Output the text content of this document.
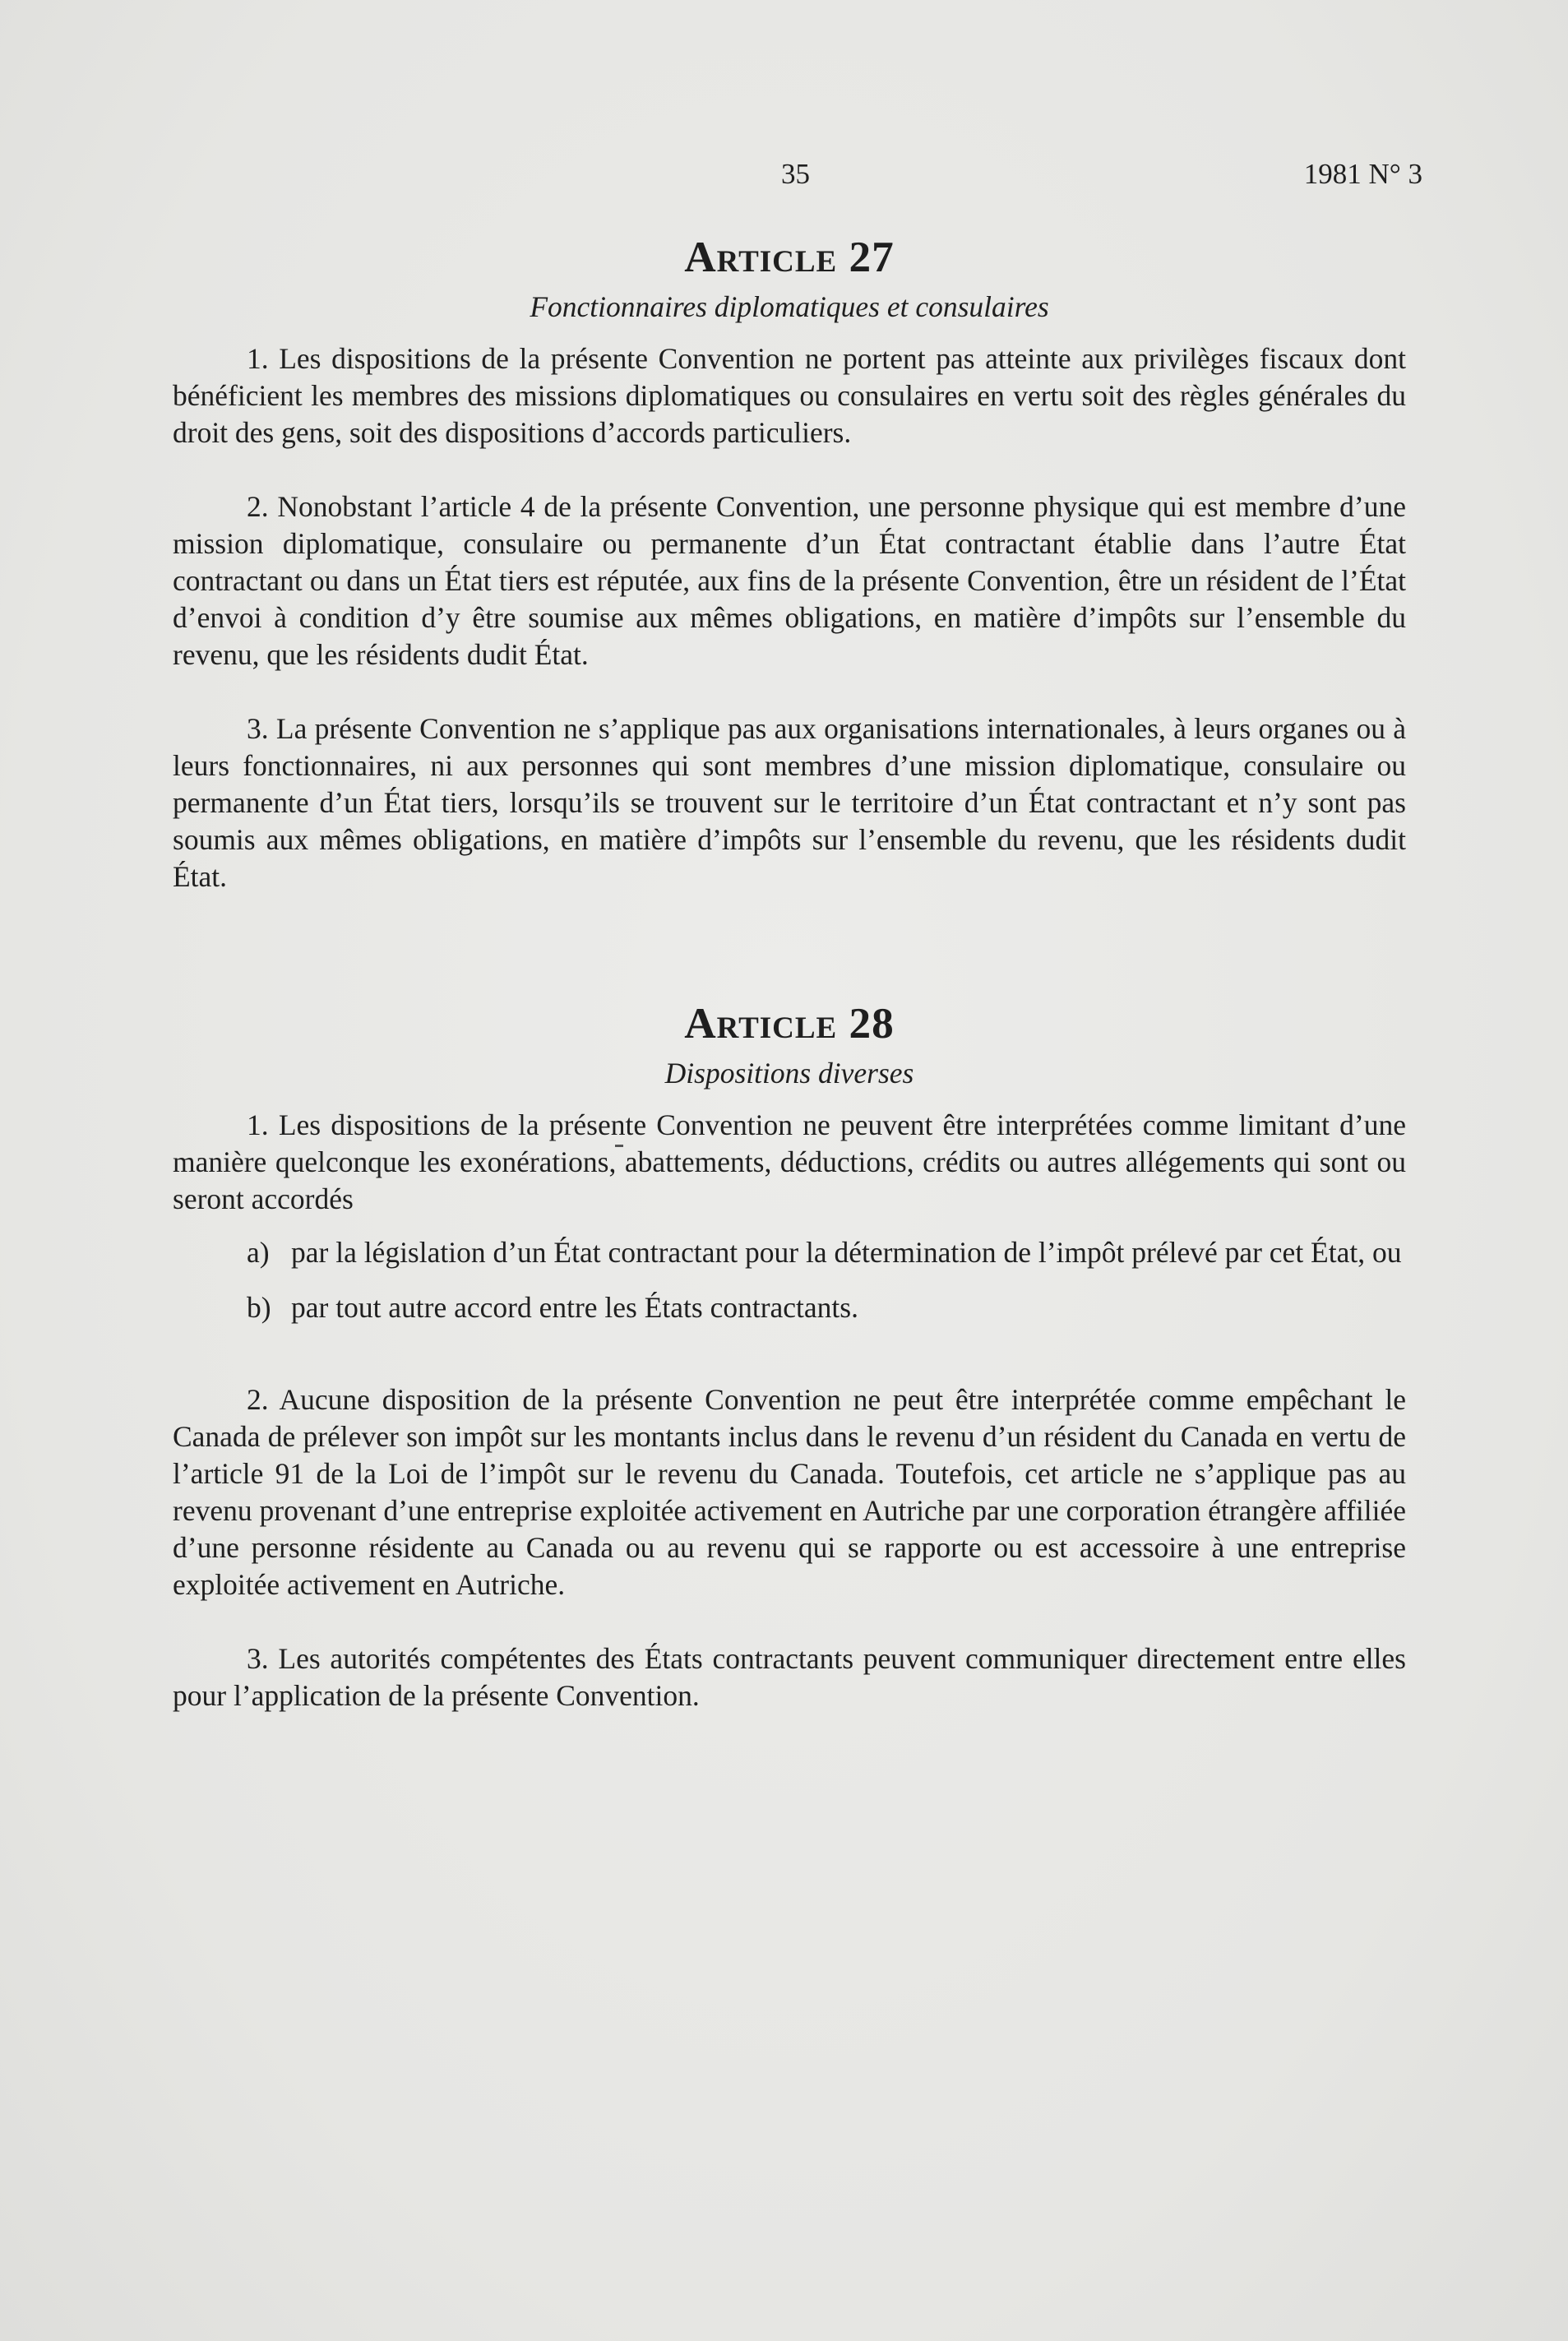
35	1981 N° 3
Article 27
Fonctionnaires diplomatiques et consulaires

1. Les dispositions de la présente Convention ne portent pas atteinte aux privilèges fiscaux dont bénéficient les membres des missions diplomatiques ou consulaires en vertu soit des règles générales du droit des gens, soit des dispositions d’accords particuliers.

2. Nonobstant l’article 4 de la présente Convention, une personne physique qui est membre d’une mission diplomatique, consulaire ou permanente d’un État contractant établie dans l’autre État contractant ou dans un État tiers est réputée, aux fins de la présente Convention, être un résident de l’État d’envoi à condition d’y être soumise aux mêmes obligations, en matière d’impôts sur l’ensemble du revenu, que les résidents dudit État.

3. La présente Convention ne s’applique pas aux organisations internationales, à leurs organes ou à leurs fonctionnaires, ni aux personnes qui sont membres d’une mission diplomatique, consulaire ou permanente d’un État tiers, lorsqu’ils se trouvent sur le territoire d’un État contractant et n’y sont pas soumis aux mêmes obligations, en matière d’impôts sur l’ensemble du revenu, que les résidents dudit État.

Article 28
Dispositions diverses

1. Les dispositions de la présente Convention ne peuvent être interprétées comme limitant d’une manière quelconque les exonérations, abattements, déductions, crédits ou autres allégements qui sont ou seront accordés

a) par la législation d’un État contractant pour la détermination de l’impôt prélevé par cet État, ou
b) par tout autre accord entre les États contractants.

2. Aucune disposition de la présente Convention ne peut être interprétée comme empêchant le Canada de prélever son impôt sur les montants inclus dans le revenu d’un résident du Canada en vertu de l’article 91 de la Loi de l’impôt sur le revenu du Canada. Toutefois, cet article ne s’applique pas au revenu provenant d’une entreprise exploitée activement en Autriche par une corporation étrangère affiliée d’une personne résidente au Canada ou au revenu qui se rapporte ou est accessoire à une entreprise exploitée activement en Autriche.

3. Les autorités compétentes des États contractants peuvent communiquer directement entre elles pour l’application de la présente Convention.
